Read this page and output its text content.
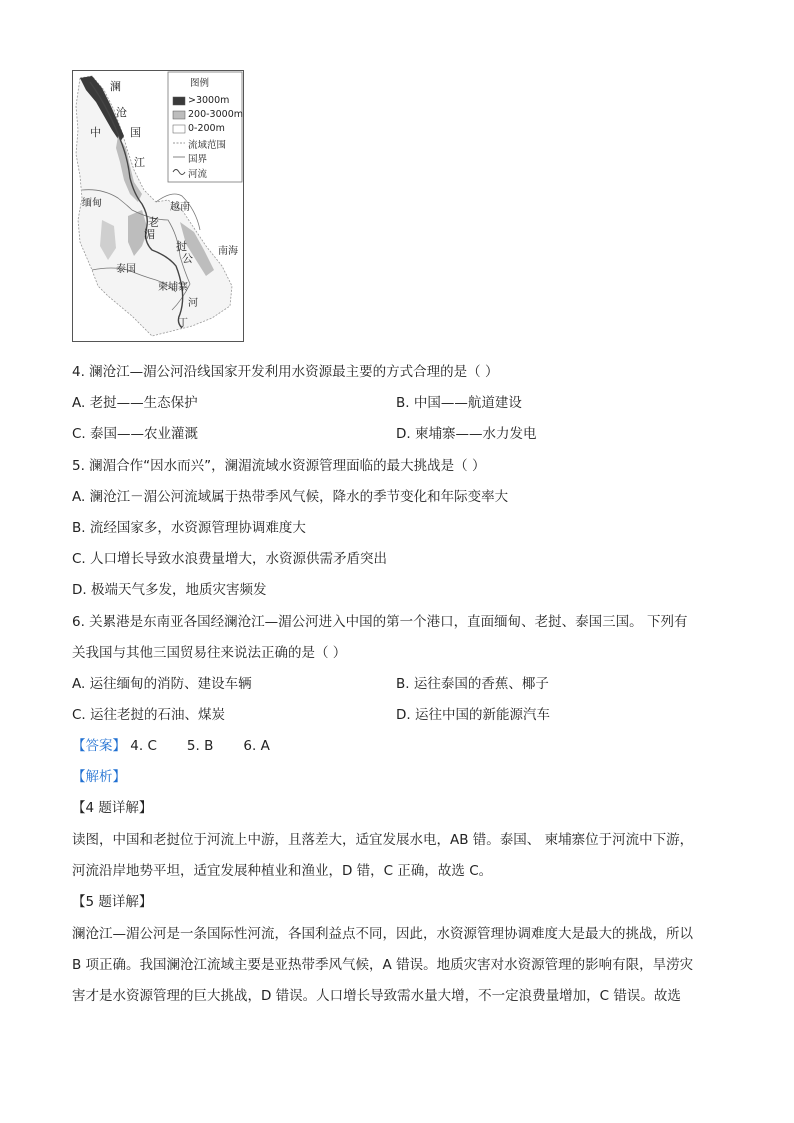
澜
沧
中	国
江
缅甸	越南
老
湄
挝
公
南海
泰国
柬埔寨
河
丁
图例
>3000m
200-3000m
0-200m
流域范围
国界
河流
4. 澜沧江—湄公河沿线国家开发利用水资源最主要的方式合理的是（ ）
A. 老挝——生态保护	B. 中国——航道建设
C. 泰国——农业灌溉	D. 柬埔寨——水力发电
5. 澜湄合作“因水而兴”，澜湄流域水资源管理面临的最大挑战是（ ）
A. 澜沧江－湄公河流域属于热带季风气候，降水的季节变化和年际变率大
B. 流经国家多，水资源管理协调难度大
C. 人口增长导致水浪费量增大，水资源供需矛盾突出
D. 极端天气多发，地质灾害频发
6. 关累港是东南亚各国经澜沧江—湄公河进入中国的第一个港口，直面缅甸、老挝、泰国三国。 下列有
关我国与其他三国贸易往来说法正确的是（ ）
A. 运往缅甸的消防、建设车辆	B. 运往泰国的香蕉、椰子
C. 运往老挝的石油、煤炭	D. 运往中国的新能源汽车
【答案】 4. C       5. B       6. A
【解析】
【4 题详解】
读图，中国和老挝位于河流上中游，且落差大，适宜发展水电，AB 错。泰国、 柬埔寨位于河流中下游，
河流沿岸地势平坦，适宜发展种植业和渔业，D 错，C 正确，故选 C。
【5 题详解】
澜沧江—湄公河是一条国际性河流，各国利益点不同，因此，水资源管理协调难度大是最大的挑战，所以
B 项正确。我国澜沧江流域主要是亚热带季风气候，A 错误。地质灾害对水资源管理的影响有限，旱涝灾
害才是水资源管理的巨大挑战，D 错误。人口增长导致需水量大增，不一定浪费量增加，C 错误。故选
